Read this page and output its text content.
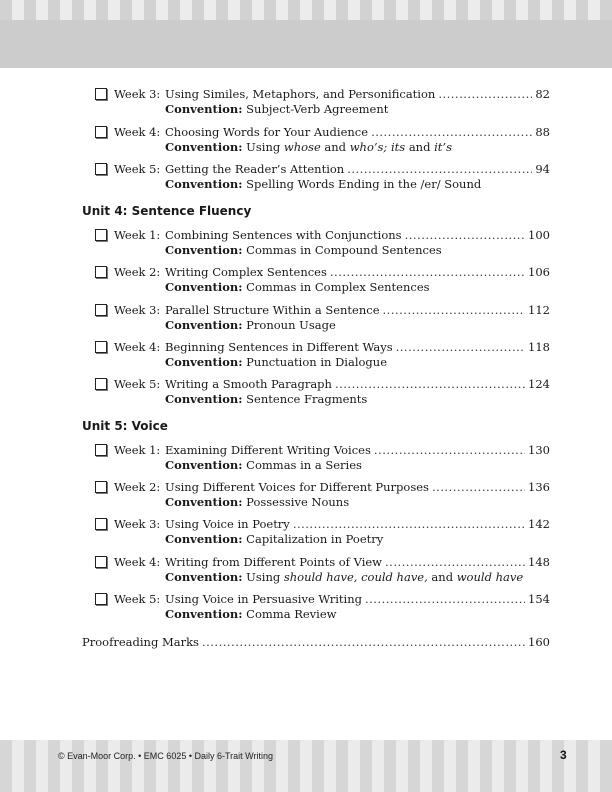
Week 3: Using Similes, Metaphors, and Personification .....	82
Convention: Subject-Verb Agreement
Week 4: Choosing Words for Your Audience .....	88
Convention: Using whose and who’s; its and it’s
Week 5: Getting the Reader’s Attention .....	94
Convention: Spelling Words Ending in the /er/ Sound
Unit 4: Sentence Fluency
Week 1: Combining Sentences with Conjunctions .....	100
Convention: Commas in Compound Sentences
Week 2: Writing Complex Sentences .....	106
Convention: Commas in Complex Sentences
Week 3: Parallel Structure Within a Sentence .....	112
Convention: Pronoun Usage
Week 4: Beginning Sentences in Different Ways .....	118
Convention: Punctuation in Dialogue
Week 5: Writing a Smooth Paragraph .....	124
Convention: Sentence Fragments
Unit 5: Voice
Week 1: Examining Different Writing Voices .....	130
Convention: Commas in a Series
Week 2: Using Different Voices for Different Purposes .....	136
Convention: Possessive Nouns
Week 3: Using Voice in Poetry .....	142
Convention: Capitalization in Poetry
Week 4: Writing from Different Points of View .....	148
Convention: Using should have, could have, and would have
Week 5: Using Voice in Persuasive Writing .....	154
Convention: Comma Review
Proofreading Marks .....	160
© Evan-Moor Corp. • EMC 6025 • Daily 6-Trait Writing	3
